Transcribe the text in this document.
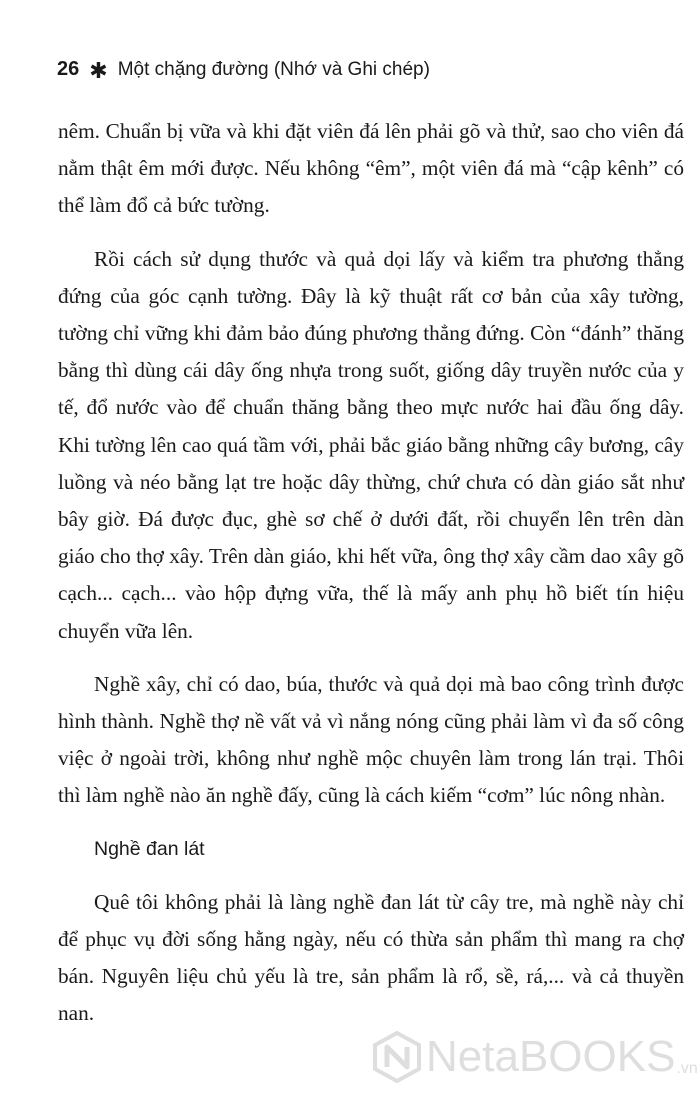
26 ✱ Một chặng đường (Nhớ và Ghi chép)

nêm. Chuẩn bị vữa và khi đặt viên đá lên phải gõ và thử, sao cho viên đá nằm thật êm mới được. Nếu không “êm”, một viên đá mà “cập kênh” có thể làm đổ cả bức tường.

Rồi cách sử dụng thước và quả dọi lấy và kiểm tra phương thẳng đứng của góc cạnh tường. Đây là kỹ thuật rất cơ bản của xây tường, tường chỉ vững khi đảm bảo đúng phương thẳng đứng. Còn “đánh” thăng bằng thì dùng cái dây ống nhựa trong suốt, giống dây truyền nước của y tế, đổ nước vào để chuẩn thăng bằng theo mực nước hai đầu ống dây. Khi tường lên cao quá tầm với, phải bắc giáo bằng những cây bương, cây luồng và néo bằng lạt tre hoặc dây thừng, chứ chưa có dàn giáo sắt như bây giờ. Đá được đục, ghè sơ chế ở dưới đất, rồi chuyển lên trên dàn giáo cho thợ xây. Trên dàn giáo, khi hết vữa, ông thợ xây cầm dao xây gõ cạch... cạch... vào hộp đựng vữa, thế là mấy anh phụ hồ biết tín hiệu chuyển vữa lên.

Nghề xây, chỉ có dao, búa, thước và quả dọi mà bao công trình được hình thành. Nghề thợ nề vất vả vì nắng nóng cũng phải làm vì đa số công việc ở ngoài trời, không như nghề mộc chuyên làm trong lán trại. Thôi thì làm nghề nào ăn nghề đấy, cũng là cách kiếm “cơm” lúc nông nhàn.

Nghề đan lát

Quê tôi không phải là làng nghề đan lát từ cây tre, mà nghề này chỉ để phục vụ đời sống hằng ngày, nếu có thừa sản phẩm thì mang ra chợ bán. Nguyên liệu chủ yếu là tre, sản phẩm là rổ, sề, rá,... và cả thuyền nan.

NetaBOOKS .vn
